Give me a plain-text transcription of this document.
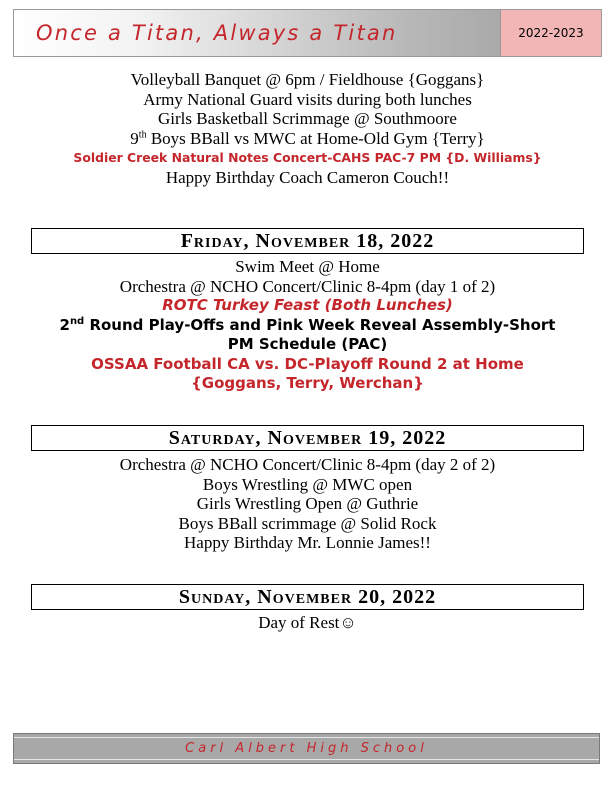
Once a Titan, Always a Titan	2022-2023
Volleyball Banquet @ 6pm / Fieldhouse {Goggans}
Army National Guard visits during both lunches
Girls Basketball Scrimmage @ Southmoore
9th Boys BBall vs MWC at Home-Old Gym {Terry}
Soldier Creek Natural Notes Concert-CAHS PAC-7 PM {D. Williams}
Happy Birthday Coach Cameron Couch!!
Friday, November 18, 2022
Swim Meet @ Home
Orchestra @ NCHO Concert/Clinic 8-4pm (day 1 of 2)
ROTC Turkey Feast (Both Lunches)
2nd Round Play-Offs and Pink Week Reveal Assembly-Short
PM Schedule (PAC)
OSSAA Football CA vs. DC-Playoff Round 2 at Home
{Goggans, Terry, Werchan}
Saturday, November 19, 2022
Orchestra @ NCHO Concert/Clinic 8-4pm (day 2 of 2)
Boys Wrestling @ MWC open
Girls Wrestling Open @ Guthrie
Boys BBall scrimmage @ Solid Rock
Happy Birthday Mr. Lonnie James!!
Sunday, November 20, 2022
Day of Rest☺
Carl Albert High School
